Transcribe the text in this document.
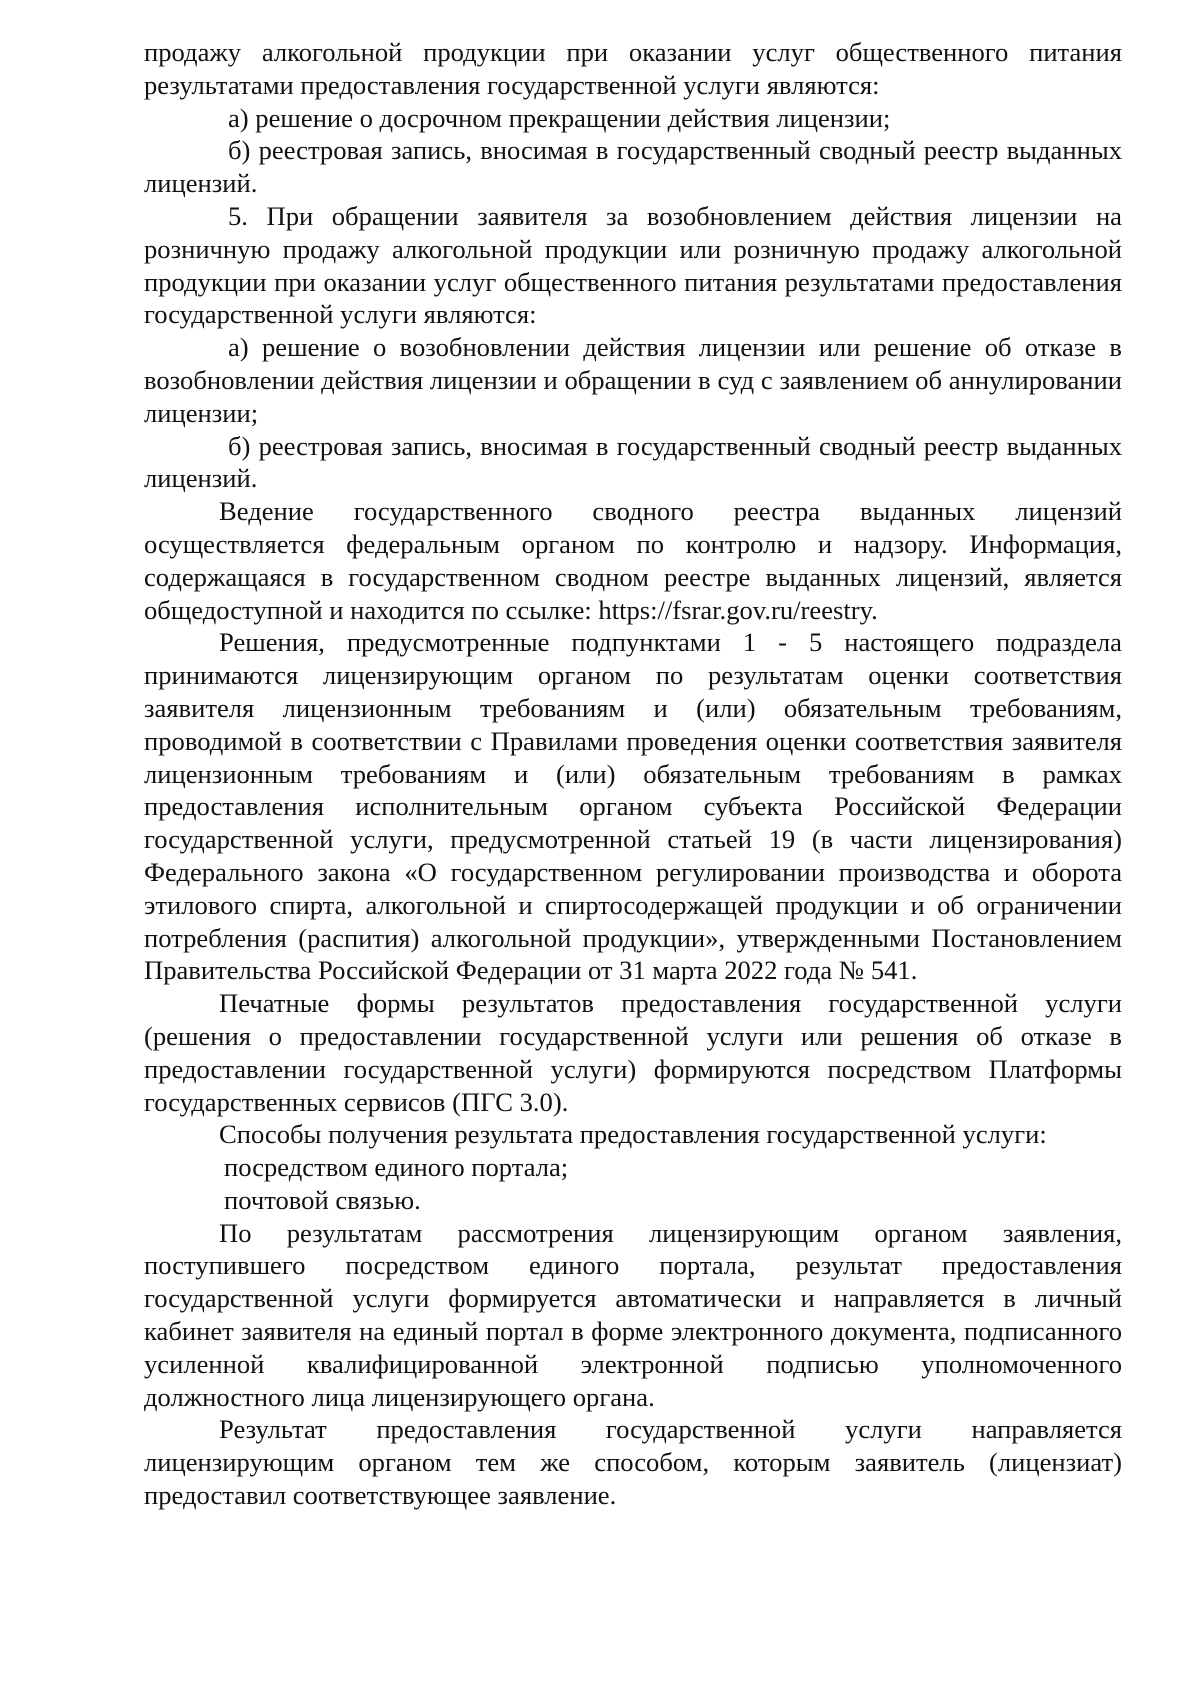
продажу алкогольной продукции при оказании услуг общественного питания результатами предоставления государственной услуги являются:

а) решение о досрочном прекращении действия лицензии;

б) реестровая запись, вносимая в государственный сводный реестр выданных лицензий.

5. При обращении заявителя за возобновлением действия лицензии на розничную продажу алкогольной продукции или розничную продажу алкогольной продукции при оказании услуг общественного питания результатами предоставления государственной услуги являются:

а) решение о возобновлении действия лицензии или решение об отказе в возобновлении действия лицензии и обращении в суд с заявлением об аннулировании лицензии;

б) реестровая запись, вносимая в государственный сводный реестр выданных лицензий.

Ведение государственного сводного реестра выданных лицензий осуществляется федеральным органом по контролю и надзору. Информация, содержащаяся в государственном сводном реестре выданных лицензий, является общедоступной и находится по ссылке: https://fsrar.gov.ru/reestry.

Решения, предусмотренные подпунктами 1 - 5 настоящего подраздела принимаются лицензирующим органом по результатам оценки соответствия заявителя лицензионным требованиям и (или) обязательным требованиям, проводимой в соответствии с Правилами проведения оценки соответствия заявителя лицензионным требованиям и (или) обязательным требованиям в рамках предоставления исполнительным органом субъекта Российской Федерации государственной услуги, предусмотренной статьей 19 (в части лицензирования) Федерального закона «О государственном регулировании производства и оборота этилового спирта, алкогольной и спиртосодержащей продукции и об ограничении потребления (распития) алкогольной продукции», утвержденными Постановлением Правительства Российской Федерации от 31 марта 2022 года № 541.

Печатные формы результатов предоставления государственной услуги (решения о предоставлении государственной услуги или решения об отказе в предоставлении государственной услуги) формируются посредством Платформы государственных сервисов (ПГС 3.0).

Способы получения результата предоставления государственной услуги:

посредством единого портала;

почтовой связью.

По результатам рассмотрения лицензирующим органом заявления, поступившего посредством единого портала, результат предоставления государственной услуги формируется автоматически и направляется в личный кабинет заявителя на единый портал в форме электронного документа, подписанного усиленной квалифицированной электронной подписью уполномоченного должностного лица лицензирующего органа.

Результат предоставления государственной услуги направляется лицензирующим органом тем же способом, которым заявитель (лицензиат) предоставил соответствующее заявление.
